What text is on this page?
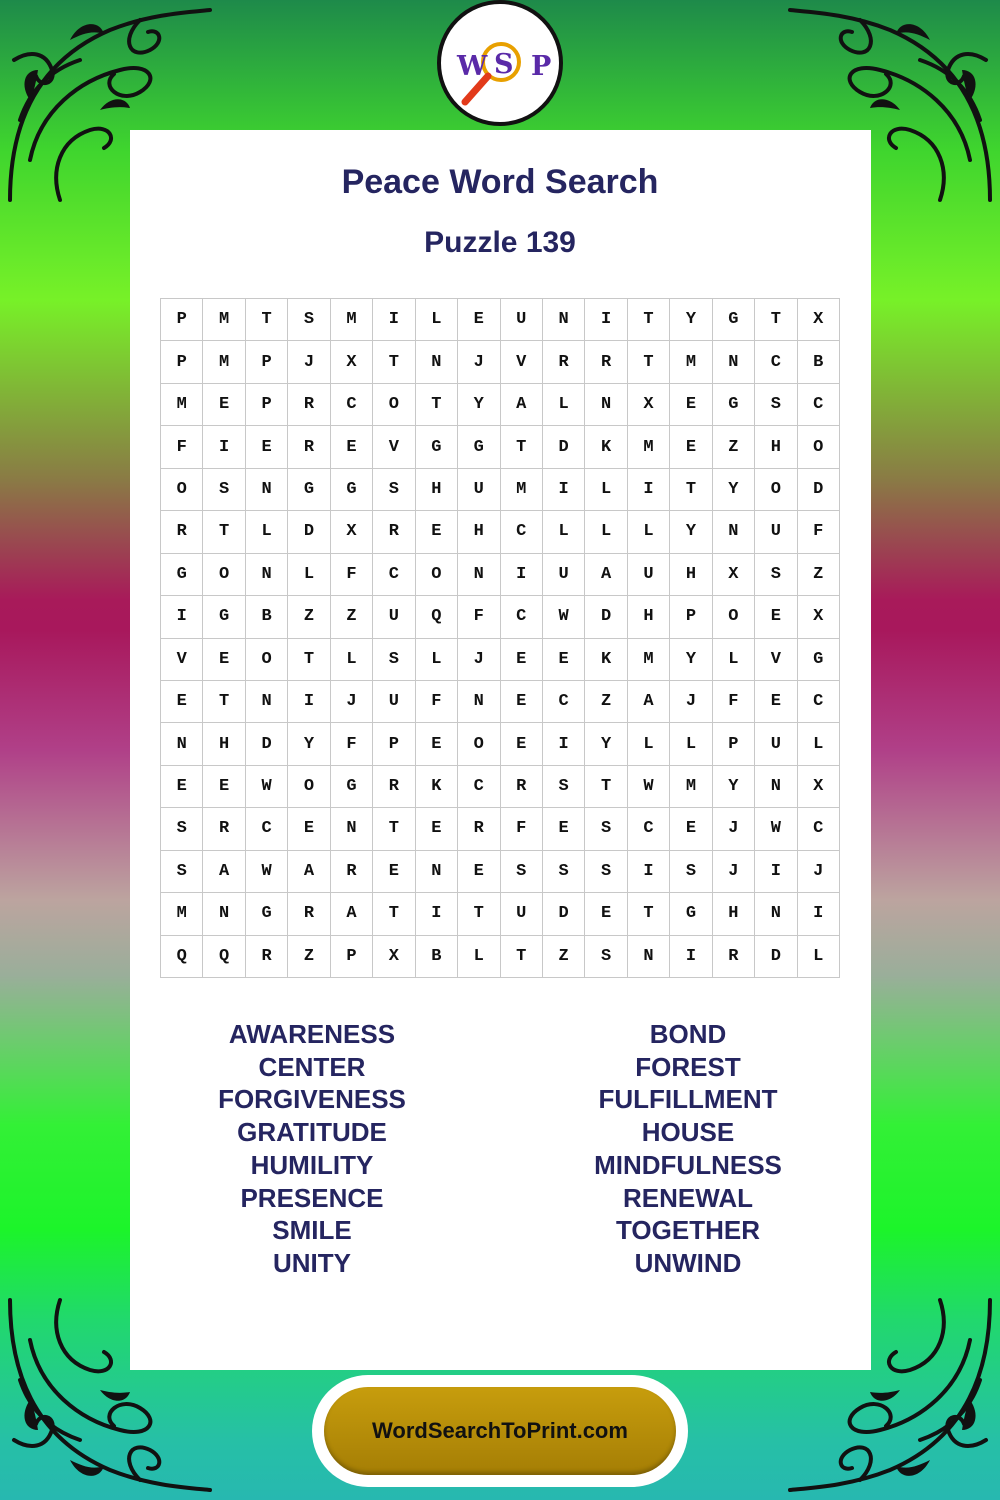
W S P
Peace Word Search
Puzzle 139
P	M	T	S	M	I	L	E	U	N	I	T	Y	G	T	X
P	M	P	J	X	T	N	J	V	R	R	T	M	N	C	B
M	E	P	R	C	O	T	Y	A	L	N	X	E	G	S	C
F	I	E	R	E	V	G	G	T	D	K	M	E	Z	H	O
O	S	N	G	G	S	H	U	M	I	L	I	T	Y	O	D
R	T	L	D	X	R	E	H	C	L	L	L	Y	N	U	F
G	O	N	L	F	C	O	N	I	U	A	U	H	X	S	Z
I	G	B	Z	Z	U	Q	F	C	W	D	H	P	O	E	X
V	E	O	T	L	S	L	J	E	E	K	M	Y	L	V	G
E	T	N	I	J	U	F	N	E	C	Z	A	J	F	E	C
N	H	D	Y	F	P	E	O	E	I	Y	L	L	P	U	L
E	E	W	O	G	R	K	C	R	S	T	W	M	Y	N	X
S	R	C	E	N	T	E	R	F	E	S	C	E	J	W	C
S	A	W	A	R	E	N	E	S	S	S	I	S	J	I	J
M	N	G	R	A	T	I	T	U	D	E	T	G	H	N	I
Q	Q	R	Z	P	X	B	L	T	Z	S	N	I	R	D	L
AWARENESS
CENTER
FORGIVENESS
GRATITUDE
HUMILITY
PRESENCE
SMILE
UNITY
BOND
FOREST
FULFILLMENT
HOUSE
MINDFULNESS
RENEWAL
TOGETHER
UNWIND
WordSearchToPrint.com
